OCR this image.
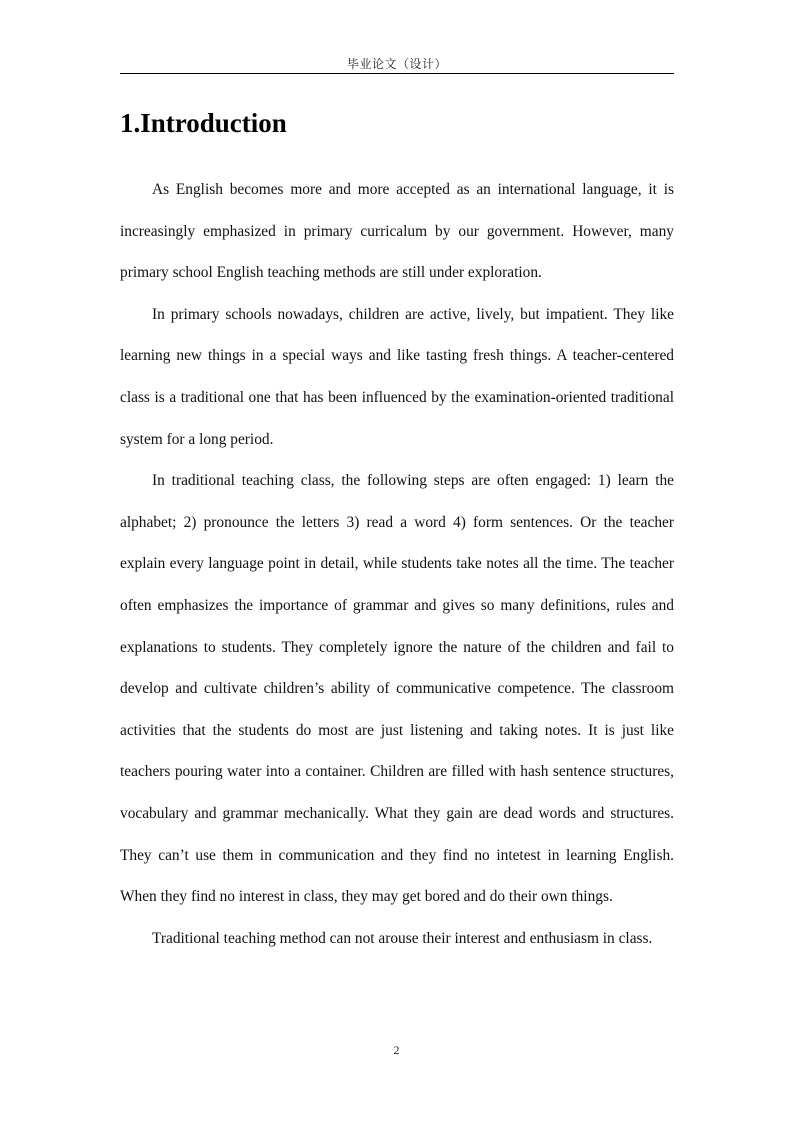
毕业论文（设计）
1.Introduction

As English becomes more and more accepted as an international language, it is increasingly emphasized in primary curricalum by our government. However, many primary school English teaching methods are still under exploration.

In primary schools nowadays, children are active, lively, but impatient. They like learning new things in a special ways and like tasting fresh things. A teacher-centered class is a traditional one that has been influenced by the examination-oriented traditional system for a long period.

In traditional teaching class, the following steps are often engaged: 1) learn the alphabet; 2) pronounce the letters 3) read a word 4) form sentences. Or the teacher explain every language point in detail, while students take notes all the time. The teacher often emphasizes the importance of grammar and gives so many definitions, rules and explanations to students. They completely ignore the nature of the children and fail to develop and cultivate children’s ability of communicative competence. The classroom activities that the students do most are just listening and taking notes. It is just like teachers pouring water into a container. Children are filled with hash sentence structures, vocabulary and grammar mechanically. What they gain are dead words and structures. They can’t use them in communication and they find no intetest in learning English. When they find no interest in class, they may get bored and do their own things.

Traditional teaching method can not arouse their interest and enthusiasm in class.

2
